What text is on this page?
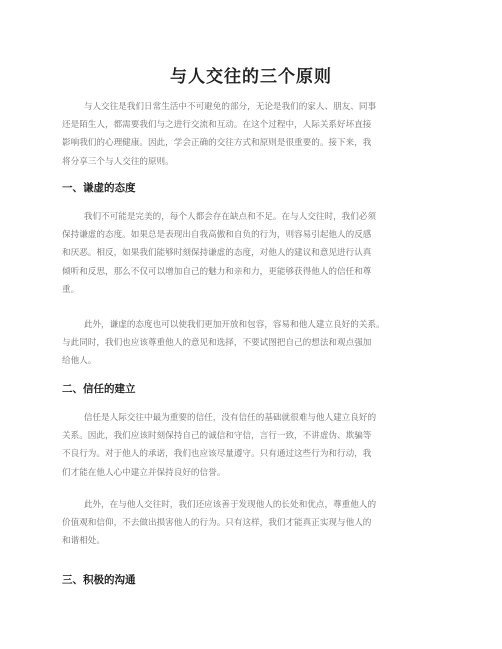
与人交往的三个原则
与人交往是我们日常生活中不可避免的部分，无论是我们的家人、朋友、同事
还是陌生人，都需要我们与之进行交流和互动。在这个过程中，人际关系好坏直接
影响我们的心理健康。因此，学会正确的交往方式和原则是很重要的。接下来，我
将分享三个与人交往的原则。
一、谦虚的态度
我们不可能是完美的，每个人都会存在缺点和不足。在与人交往时，我们必须
保持谦虚的态度。如果总是表现出自我高傲和自负的行为，则容易引起他人的反感
和厌恶。相反，如果我们能够时刻保持谦虚的态度，对他人的建议和意见进行认真
倾听和反思，那么不仅可以增加自己的魅力和亲和力，更能够获得他人的信任和尊
重。
此外，谦虚的态度也可以使我们更加开放和包容，容易和他人建立良好的关系。
与此同时，我们也应该尊重他人的意见和选择，不要试图把自己的想法和观点强加
给他人。
二、信任的建立
信任是人际交往中最为重要的信任，没有信任的基础就很难与他人建立良好的
关系。因此，我们应该时刻保持自己的诚信和守信，言行一致，不讲虚伪、欺骗等
不良行为。对于他人的承诺，我们也应该尽量遵守。只有通过这些行为和行动，我
们才能在他人心中建立并保持良好的信誉。
此外，在与他人交往时，我们还应该善于发现他人的长处和优点，尊重他人的
价值观和信仰，不去做出损害他人的行为。只有这样，我们才能真正实现与他人的
和谐相处。
三、积极的沟通
